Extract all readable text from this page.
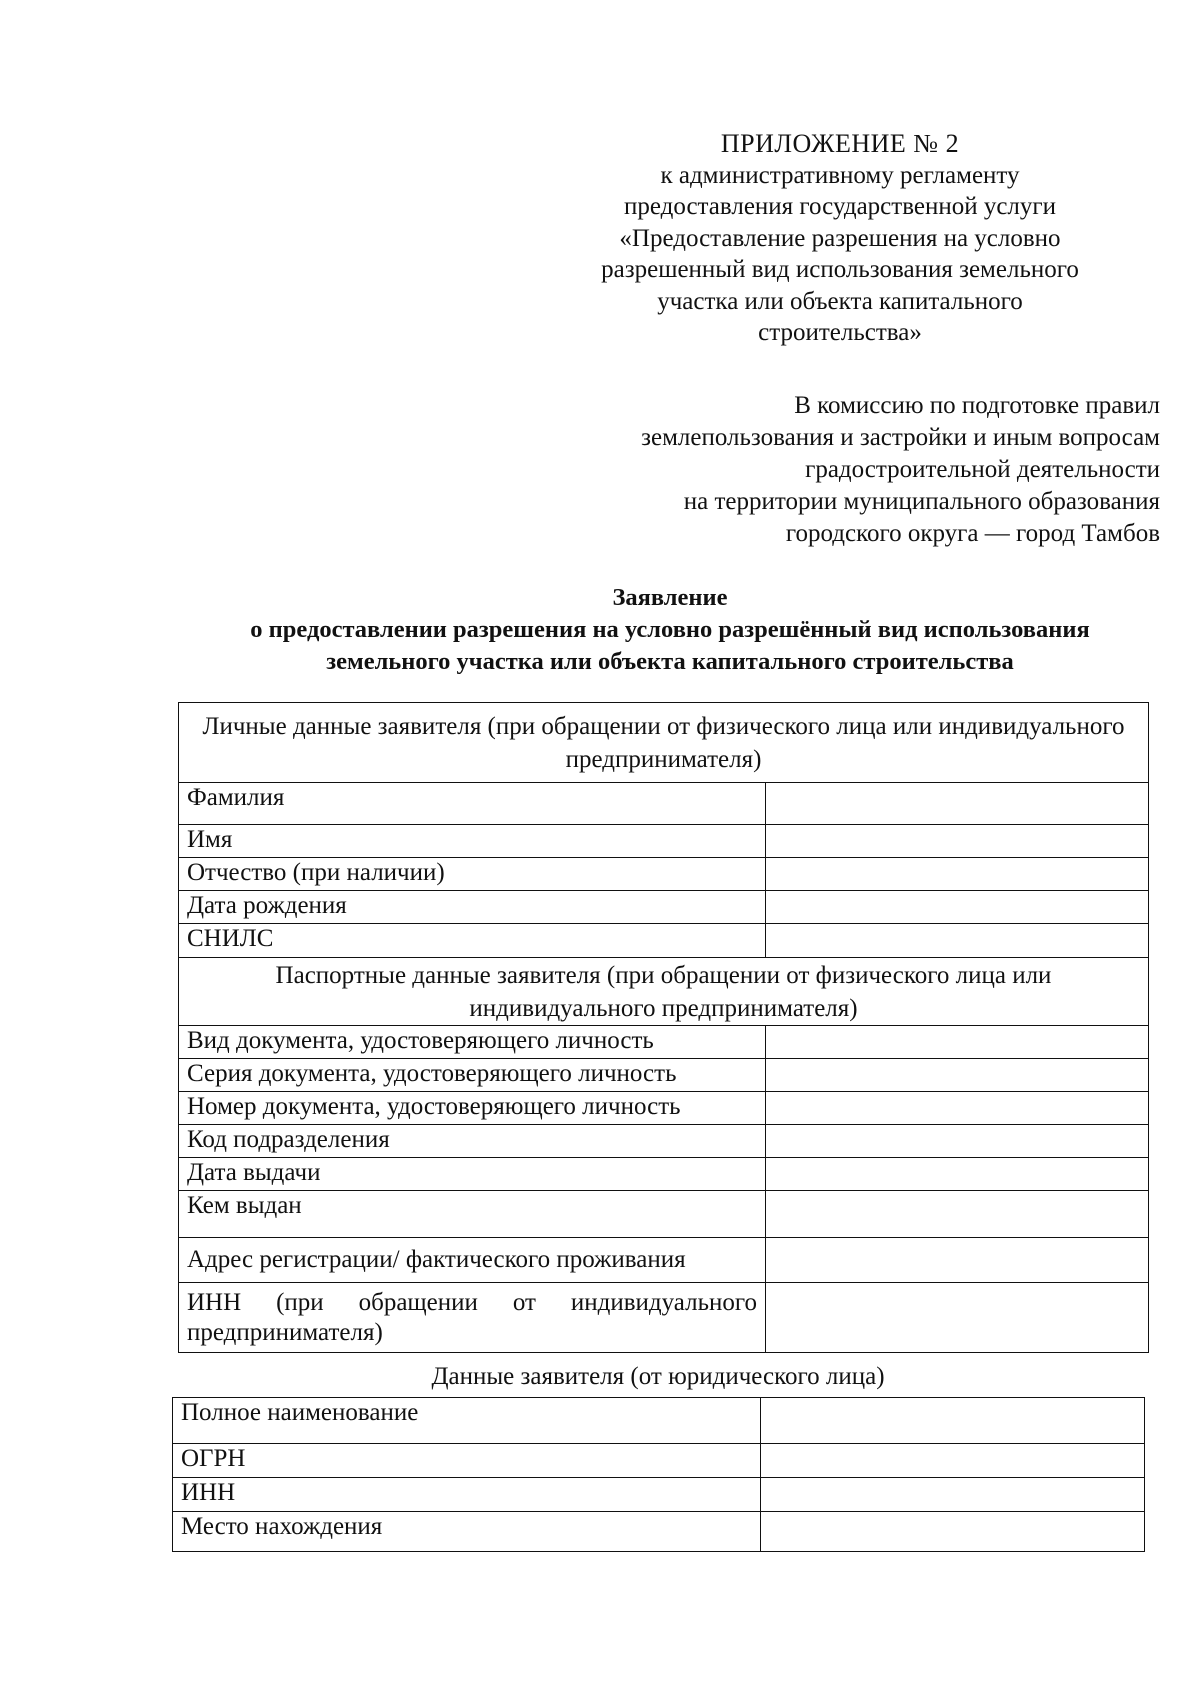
ПРИЛОЖЕНИЕ № 2
к административному регламенту
предоставления государственной услуги
«Предоставление разрешения на условно
разрешенный вид использования земельного
участка или объекта капитального
строительства»
В комиссию по подготовке правил
землепользования и застройки и иным вопросам
градостроительной деятельности
на территории муниципального образования
городского округа — город Тамбов
Заявление
о предоставлении разрешения на условно разрешённый вид использования
земельного участка или объекта капитального строительства
Личные данные заявителя (при обращении от физического лица или индивидуального предпринимателя)	
Фамилия	
Имя	
Отчество (при наличии)	
Дата рождения	
СНИЛС	
Паспортные данные заявителя (при обращении от физического лица или индивидуального предпринимателя)	
Вид документа, удостоверяющего личность	
Серия документа, удостоверяющего личность	
Номер документа, удостоверяющего личность	
Код подразделения	
Дата выдачи	
Кем выдан	
Адрес регистрации/ фактического проживания	
ИНН (при обращении от индивидуального предпринимателя)	
Данные заявителя (от юридического лица)
Полное наименование	
ОГРН	
ИНН	
Место нахождения	
